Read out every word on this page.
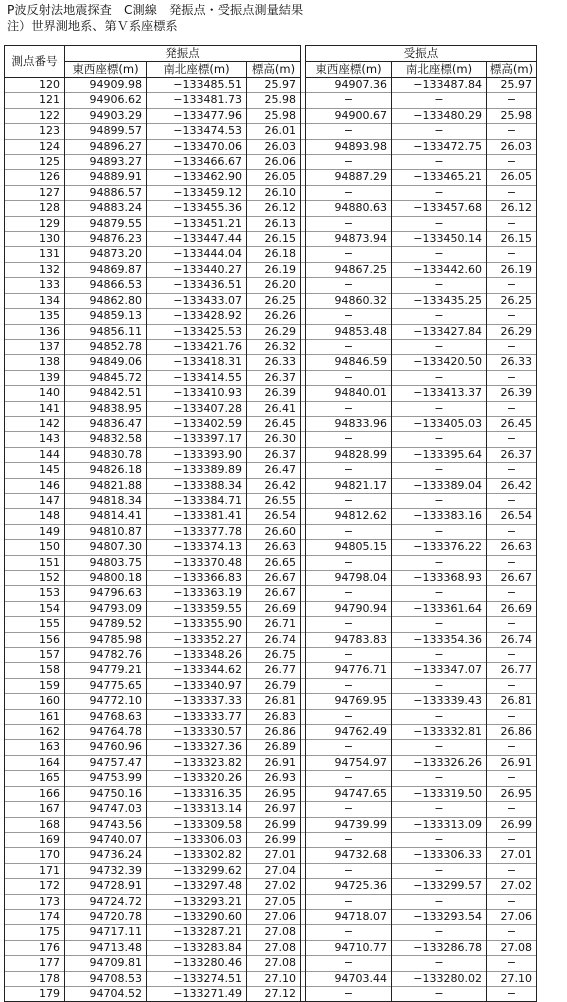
P波反射法地震探査　C測線　発振点・受振点測量結果
注）世界測地系、第Ｖ系座標系
測点番号	発振点				受振点		
	東西座標(m)	南北座標(m)	標高(m)		東西座標(m)	南北座標(m)	標高(m)
120	94909.98	−133485.51	25.97		94907.36	−133487.84	25.97
121	94906.62	−133481.73	25.98		−	−	−
122	94903.29	−133477.96	25.98		94900.67	−133480.29	25.98
123	94899.57	−133474.53	26.01		−	−	−
124	94896.27	−133470.06	26.03		94893.98	−133472.75	26.03
125	94893.27	−133466.67	26.06		−	−	−
126	94889.91	−133462.90	26.05		94887.29	−133465.21	26.05
127	94886.57	−133459.12	26.10		−	−	−
128	94883.24	−133455.36	26.12		94880.63	−133457.68	26.12
129	94879.55	−133451.21	26.13		−	−	−
130	94876.23	−133447.44	26.15		94873.94	−133450.14	26.15
131	94873.20	−133444.04	26.18		−	−	−
132	94869.87	−133440.27	26.19		94867.25	−133442.60	26.19
133	94866.53	−133436.51	26.20		−	−	−
134	94862.80	−133433.07	26.25		94860.32	−133435.25	26.25
135	94859.13	−133428.92	26.26		−	−	−
136	94856.11	−133425.53	26.29		94853.48	−133427.84	26.29
137	94852.78	−133421.76	26.32		−	−	−
138	94849.06	−133418.31	26.33		94846.59	−133420.50	26.33
139	94845.72	−133414.55	26.37		−	−	−
140	94842.51	−133410.93	26.39		94840.01	−133413.37	26.39
141	94838.95	−133407.28	26.41		−	−	−
142	94836.47	−133402.59	26.45		94833.96	−133405.03	26.45
143	94832.58	−133397.17	26.30		−	−	−
144	94830.78	−133393.90	26.37		94828.99	−133395.64	26.37
145	94826.18	−133389.89	26.47		−	−	−
146	94821.88	−133388.34	26.42		94821.17	−133389.04	26.42
147	94818.34	−133384.71	26.55		−	−	−
148	94814.41	−133381.41	26.54		94812.62	−133383.16	26.54
149	94810.87	−133377.78	26.60		−	−	−
150	94807.30	−133374.13	26.63		94805.15	−133376.22	26.63
151	94803.75	−133370.48	26.65		−	−	−
152	94800.18	−133366.83	26.67		94798.04	−133368.93	26.67
153	94796.63	−133363.19	26.67		−	−	−
154	94793.09	−133359.55	26.69		94790.94	−133361.64	26.69
155	94789.52	−133355.90	26.71		−	−	−
156	94785.98	−133352.27	26.74		94783.83	−133354.36	26.74
157	94782.76	−133348.26	26.75		−	−	−
158	94779.21	−133344.62	26.77		94776.71	−133347.07	26.77
159	94775.65	−133340.97	26.79		−	−	−
160	94772.10	−133337.33	26.81		94769.95	−133339.43	26.81
161	94768.63	−133333.77	26.83		−	−	−
162	94764.78	−133330.57	26.86		94762.49	−133332.81	26.86
163	94760.96	−133327.36	26.89		−	−	−
164	94757.47	−133323.82	26.91		94754.97	−133326.26	26.91
165	94753.99	−133320.26	26.93		−	−	−
166	94750.16	−133316.35	26.95		94747.65	−133319.50	26.95
167	94747.03	−133313.14	26.97		−	−	−
168	94743.56	−133309.58	26.99		94739.99	−133313.09	26.99
169	94740.07	−133306.03	26.99		−	−	−
170	94736.24	−133302.82	27.01		94732.68	−133306.33	27.01
171	94732.39	−133299.62	27.04		−	−	−
172	94728.91	−133297.48	27.02		94725.36	−133299.57	27.02
173	94724.72	−133293.21	27.05		−	−	−
174	94720.78	−133290.60	27.06		94718.07	−133293.54	27.06
175	94717.11	−133287.21	27.08		−	−	−
176	94713.48	−133283.84	27.08		94710.77	−133286.78	27.08
177	94709.81	−133280.46	27.08		−	−	−
178	94708.53	−133274.51	27.10		94703.44	−133280.02	27.10
179	94704.52	−133271.49	27.12		−	−	−
